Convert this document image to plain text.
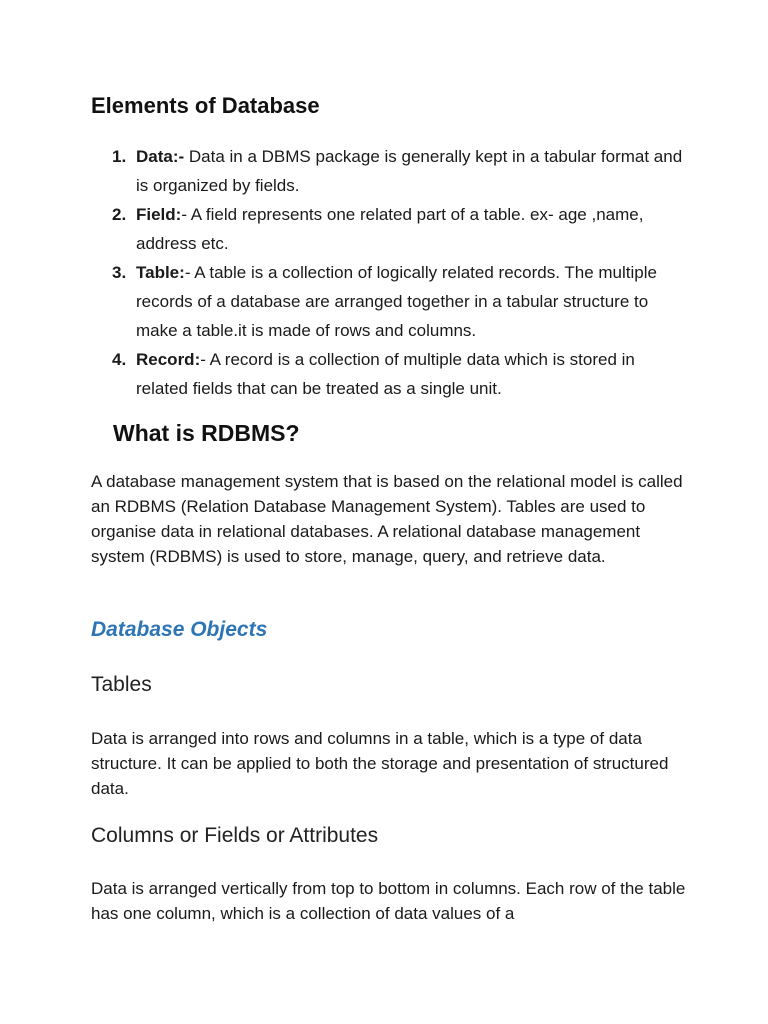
Elements of Database
1. Data:- Data in a DBMS package is generally kept in a tabular format and is organized by fields.
2. Field:- A field represents one related part of a table. ex- age ,name, address etc.
3. Table:- A table is a collection of logically related records. The multiple records of a database are arranged together in a tabular structure to make a table.it is made of rows and columns.
4. Record:- A record is a collection of multiple data which is stored in related fields that can be treated as a single unit.
What is RDBMS?

A database management system that is based on the relational model is called an RDBMS (Relation Database Management System). Tables are used to organise data in relational databases. A relational database management system (RDBMS) is used to store, manage, query, and retrieve data.

Database Objects
Tables

Data is arranged into rows and columns in a table, which is a type of data structure. It can be applied to both the storage and presentation of structured data.

Columns or Fields or Attributes

Data is arranged vertically from top to bottom in columns. Each row of the table has one column, which is a collection of data values of a
